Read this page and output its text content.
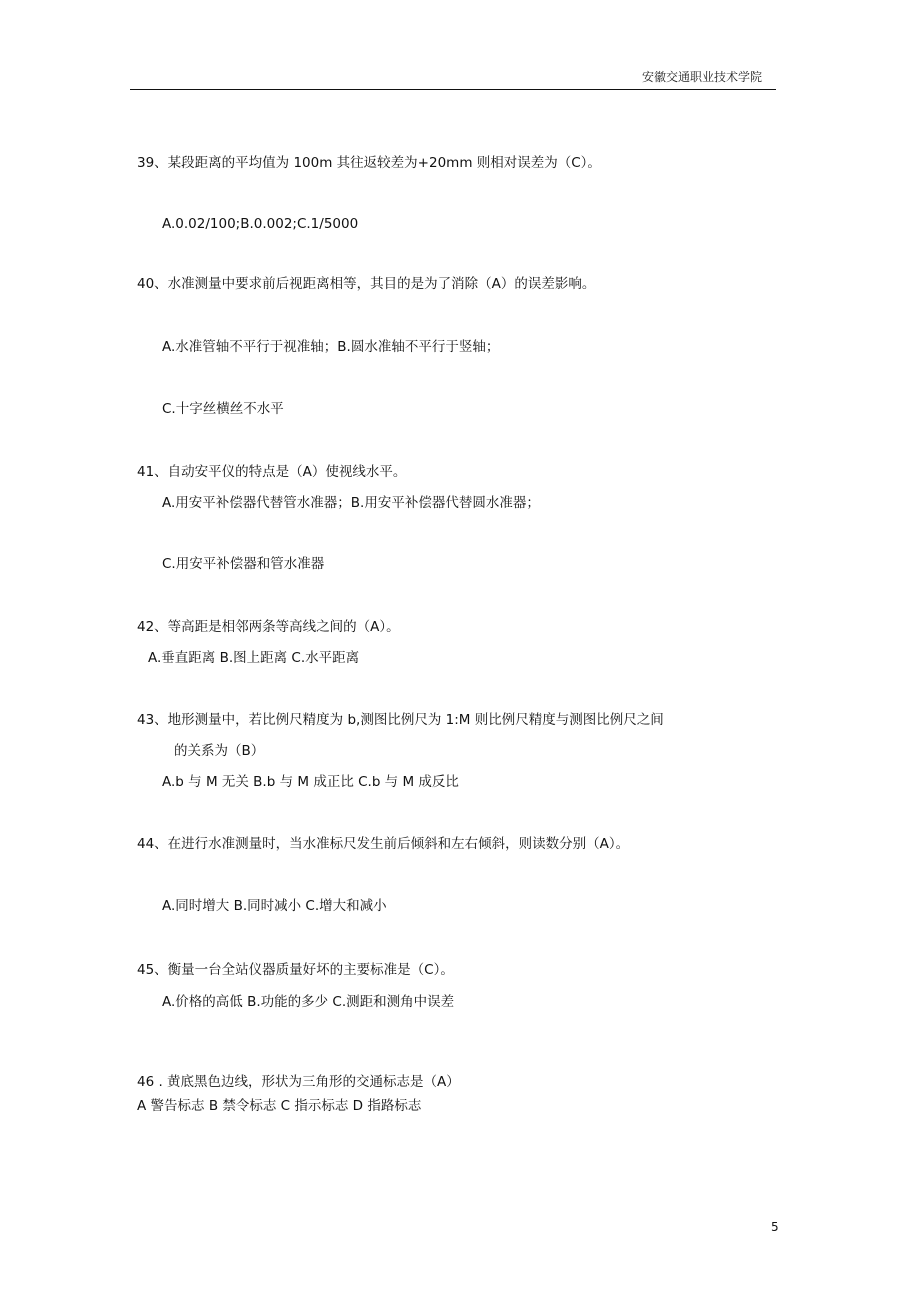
安徽交通职业技术学院
39、某段距离的平均值为 100m 其往返较差为+20mm 则相对误差为（C）。
A.0.02/100;B.0.002;C.1/5000
40、水准测量中要求前后视距离相等，其目的是为了消除（A）的误差影响。
A.水准管轴不平行于视准轴；B.圆水准轴不平行于竖轴；
C.十字丝横丝不水平
41、自动安平仪的特点是（A）使视线水平。
A.用安平补偿器代替管水准器；B.用安平补偿器代替圆水准器；
C.用安平补偿器和管水准器
42、等高距是相邻两条等高线之间的（A）。
A.垂直距离 B.图上距离 C.水平距离
43、地形测量中，若比例尺精度为 b,测图比例尺为 1:M 则比例尺精度与测图比例尺之间
的关系为（B）
A.b 与 M 无关 B.b 与 M 成正比 C.b 与 M 成反比
44、在进行水准测量时，当水准标尺发生前后倾斜和左右倾斜，则读数分别（A）。
A.同时增大 B.同时减小 C.增大和减小
45、衡量一台全站仪器质量好坏的主要标准是（C）。
A.价格的高低 B.功能的多少 C.测距和测角中误差
46 . 黄底黑色边线，形状为三角形的交通标志是（A）
A 警告标志 B 禁令标志 C 指示标志 D 指路标志
5
